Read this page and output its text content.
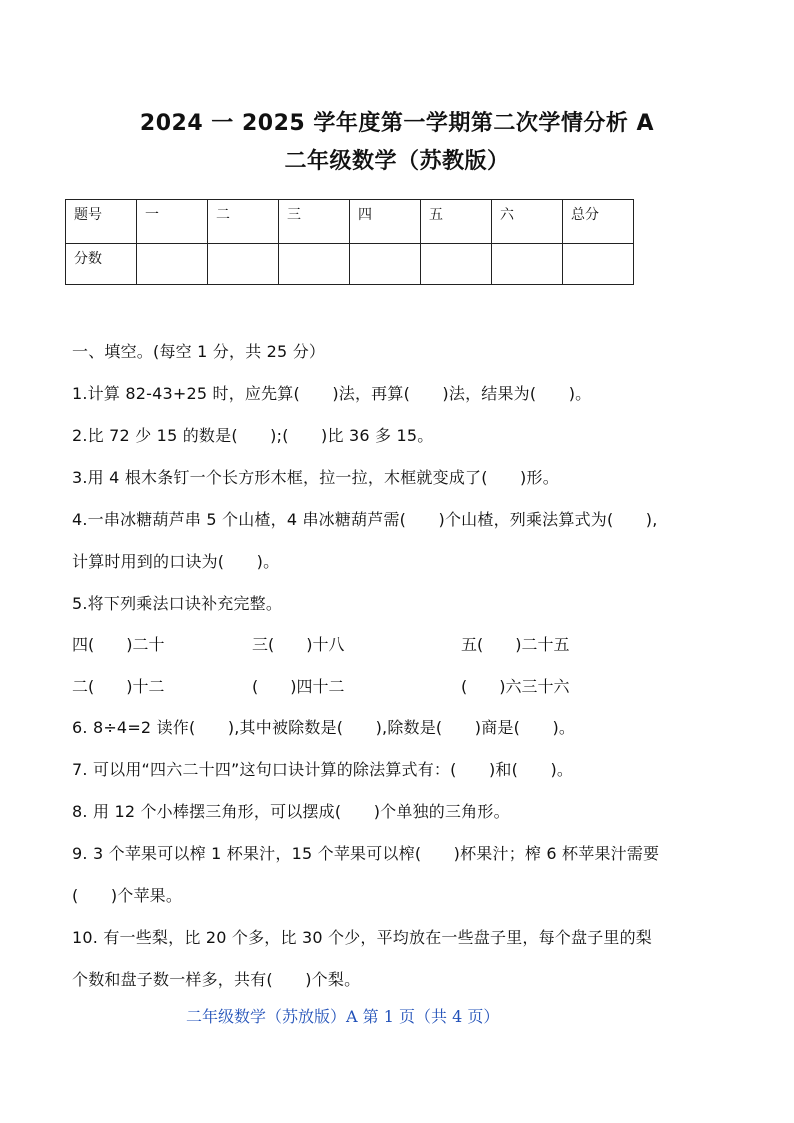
2024 一 2025 学年度第一学期第二次学情分析 A
二年级数学（苏教版）
题号	一	二	三	四	五	六	总分
分数							
一、填空。(每空 1 分，共 25 分）
1.计算 82-43+25 时，应先算(　　)法，再算(　　)法，结果为(　　)。
2.比 72 少 15 的数是(　　);(　　)比 36 多 15。
3.用 4 根木条钉一个长方形木框，拉一拉，木框就变成了(　　)形。
4.一串冰糖葫芦串 5 个山楂，4 串冰糖葫芦需(　　)个山楂，列乘法算式为(　　),
计算时用到的口诀为(　　)。
5.将下列乘法口诀补充完整。
四(　　)二十	三(　　)十八	五(　　)二十五
二(　　)十二	(　　)四十二	(　　)六三十六
6. 8÷4=2 读作(　　),其中被除数是(　　),除数是(　　)商是(　　)。
7. 可以用“四六二十四”这句口诀计算的除法算式有：(　　)和(　　)。
8. 用 12 个小棒摆三角形，可以摆成(　　)个单独的三角形。
9. 3 个苹果可以榨 1 杯果汁，15 个苹果可以榨(　　)杯果汁；榨 6 杯苹果汁需要
(　　)个苹果。
10. 有一些梨，比 20 个多，比 30 个少，平均放在一些盘子里，每个盘子里的梨
个数和盘子数一样多，共有(　　)个梨。
二年级数学（苏放版）A 第 1 页（共 4 页）
